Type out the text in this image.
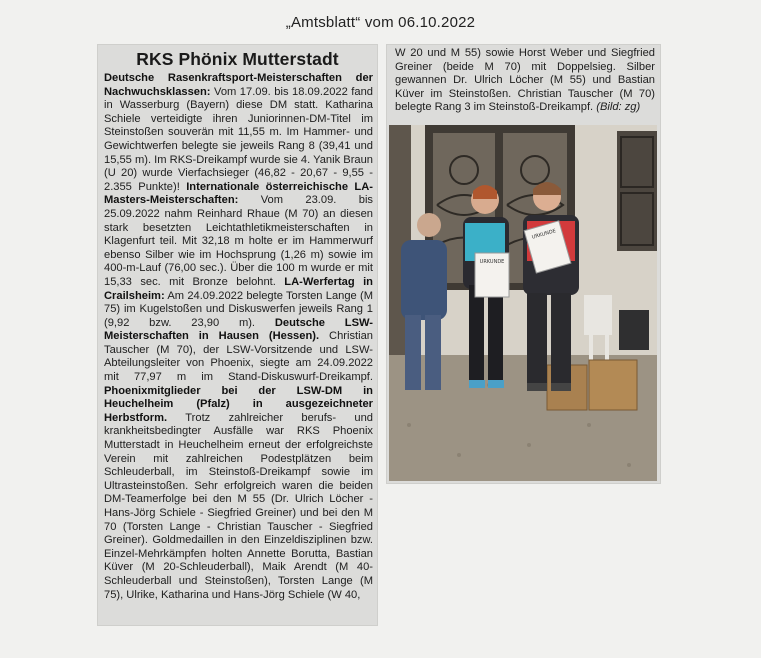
„Amtsblatt“ vom 06.10.2022
RKS Phönix Mutterstadt
Deutsche Rasenkraftsport-Meisterschaften der Nachwuchsklassen: Vom 17.09. bis 18.09.2022 fand in Wasserburg (Bayern) diese DM statt. Katharina Schiele verteidigte ihren Juniorinnen-DM-Titel im Steinstoßen souverän mit 11,55 m. Im Hammer- und Gewichtwerfen belegte sie jeweils Rang 8 (39,41 und 15,55 m). Im RKS-Dreikampf wurde sie 4. Yanik Braun (U 20) wurde Vierfachsieger (46,82 - 20,67 - 9,55 - 2.355 Punkte)! Internationale österreichische LA-Masters-Meisterschaften: Vom 23.09. bis 25.09.2022 nahm Reinhard Rhaue (M 70) an diesen stark besetzten Leichtathletikmeisterschaften in Klagenfurt teil. Mit 32,18 m holte er im Hammerwurf ebenso Silber wie im Hochsprung (1,26 m) sowie im 400-m-Lauf (76,00 sec.). Über die 100 m wurde er mit 15,33 sec. mit Bronze belohnt. LA-Werfertag in Crailsheim: Am 24.09.2022 belegte Torsten Lange (M 75) im Kugelstoßen und Diskuswerfen jeweils Rang 1 (9,92 bzw. 23,90 m). Deutsche LSW-Meisterschaften in Hausen (Hessen). Christian Tauscher (M 70), der LSW-Vorsitzende und LSW-Abteilungsleiter von Phoenix, siegte am 24.09.2022 mit 77,97 m im Stand-Diskuswurf-Dreikampf. Phoenixmitglieder bei der LSW-DM in Heuchelheim (Pfalz) in ausgezeichneter Herbstform. Trotz zahlreicher berufs- und krankheitsbedingter Ausfälle war RKS Phoenix Mutterstadt in Heuchelheim erneut der erfolgreichste Verein mit zahlreichen Podestplätzen beim Schleuderball, im Steinstoß-Dreikampf sowie im Ultrasteinstoßen. Sehr erfolgreich waren die beiden DM-Teamerfolge bei den M 55 (Dr. Ulrich Löcher - Hans-Jörg Schiele - Siegfried Greiner) und bei den M 70 (Torsten Lange - Christian Tauscher - Siegfried Greiner). Goldmedaillen in den Einzeldisziplinen bzw. Einzel-Mehrkämpfen holten Annette Borutta, Bastian Küver (M 20-Schleuderball), Maik Arendt (M 40-Schleuderball und Steinstoßen), Torsten Lange (M 75), Ulrike, Katharina und Hans-Jörg Schiele (W 40,
W 20 und M 55) sowie Horst Weber und Siegfried Greiner (beide M 70) mit Doppelsieg. Silber gewannen Dr. Ulrich Löcher (M 55) und Bastian Küver im Steinstoßen. Christian Tauscher (M 70) belegte Rang 3 im Steinstoß-Dreikampf. (Bild: zg)
URKUNDE
URKUNDE
